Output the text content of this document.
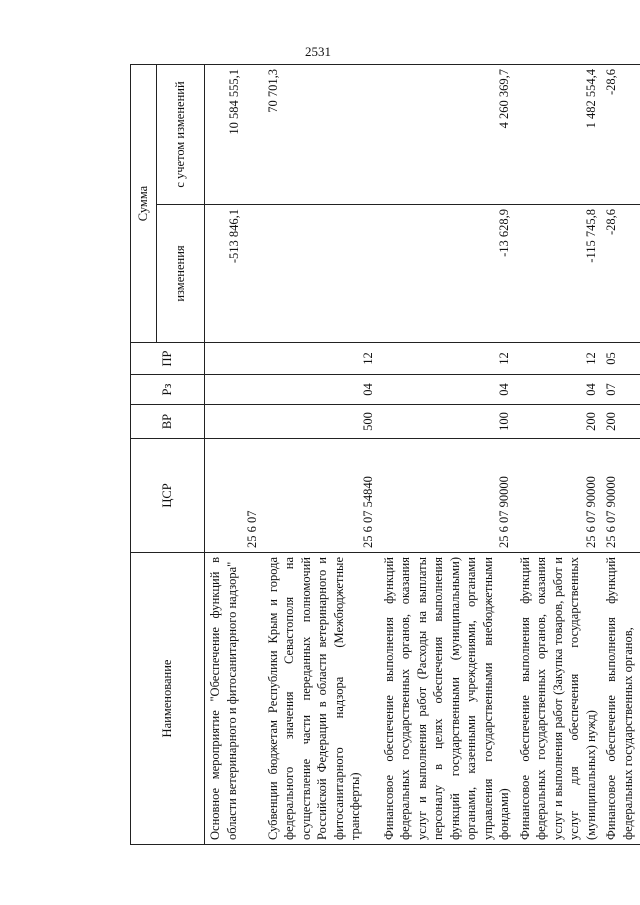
2531
Наименование	ЦСР	ВР	Рз	ПР	Сумма	
					изменения	с учетом изменений
Основное мероприятие "Обеспечение функций в области ветеринарного и фитосанитарного надзора"	25 6 07				-513 846,1	10 584 555,1
Субвенции бюджетам Республики Крым и города федерального значения Севастополя на осуществление части переданных полномочий Российской Федерации в области ветеринарного и фитосанитарного надзора (Межбюджетные трансферты)	25 6 07 54840	500	04	12		70 701,3
Финансовое обеспечение выполнения функций федеральных государственных органов, оказания услуг и выполнения работ (Расходы на выплаты персоналу в целях обеспечения выполнения функций государственными (муниципальными) органами, казенными учреждениями, органами управления государственными внебюджетными фондами)	25 6 07 90000	100	04	12	-13 628,9	4 260 369,7
Финансовое обеспечение выполнения функций федеральных государственных органов, оказания услуг и выполнения работ (Закупка товаров, работ и услуг для обеспечения государственных (муниципальных) нужд)	25 6 07 90000	200	04	12	-115 745,8	1 482 554,4
Финансовое обеспечение выполнения функций федеральных государственных органов,	25 6 07 90000	200	07	05	-28,6	-28,6
